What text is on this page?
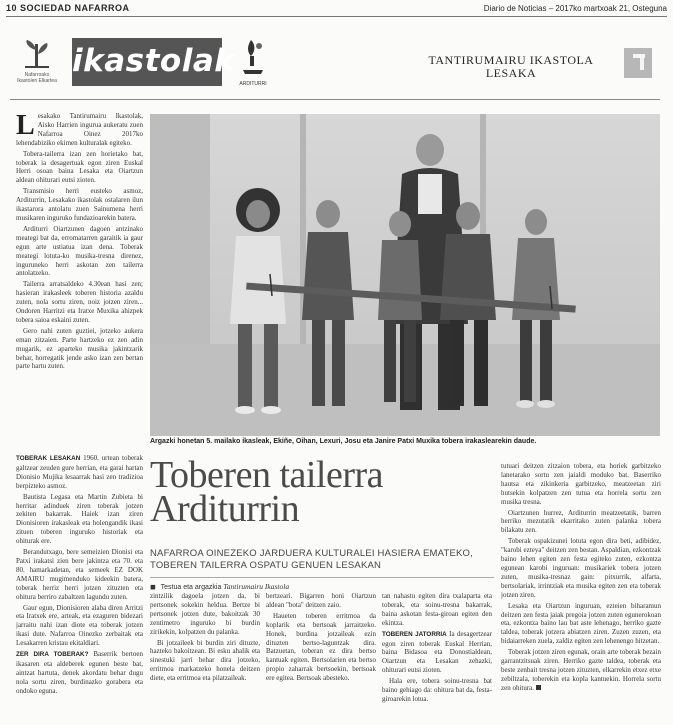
10 SOCIEDAD NAFARROA	Diario de Noticias – 2017ko martxoak 21, Osteguna
Nafarroako Ikastolen Elkartea
ikastolak
ARDITURRI
TANTIRUMAIRU IKASTOLA
LESAKA

Lesakako Tantirumairu Ikastolak, Aisko Harrien ingurua aukeratu zuen Nafarroa Oinez 2017ko lehendabiziko ekimen kulturalak egiteko.

Tobera-tailerra izan zen horietako bat, toberak ia desagertuak egon ziren Euskal Herri osoan baina Lesaka eta Oiartzun aldean ohiturari eutsi zioten.

Transmisio herri eusteko asmoz, Arditurrin, Lesakako ikastolak ostalaren ilun ikastarora antolatu zuen Sainumena herri musikaren inguruko fundazioarekin batera.

Arditurri Oiartzunen dagoen antzinako meategi bat da, erromatarren garaitik ia gaur egun arte ustiatua izan dena. Toberak meategi lotuta-ko musika-tresna direnez, inguruneko herri askotan zen tailerra antolatzeko.

Tailerra arratsaldeko 4.30ean hasi zen; hasieran irakasleek toberen historia azaldu zuten, nola sortu ziren, noiz jotzen ziren... Ondoren Harritzi eta Iratxe Muxika ahizpek tobera saioa eskaini zuten.

Gero nahi zuten guztiei, jotzeko aukera eman zitzaien. Parte hartzeko ez zen adin mugarik, ez aparteko musika jakintzarik behar, horregatik jende asko izan zen bertan parte hartu zuten.

Argazki honetan 5. mailako ikasleak, Ekiñe, Oihan, Lexuri, Josu eta Janire Patxi Muxika tobera irakaslearekin daude.

TOBERAK LESAKAN 1960. urtean toberak galtzear zeuden gure herrian, eta garai hartan Dionisio Mujika lesaarrak hasi zen tradizioa berpizteko asmoz.

Bautista Legasa eta Martin Zubieta bi herritar adinduek ziren toberak jotzen zekiten bakarrak. Haiek izan ziren Dionisioren irakasleak eta holengandik ikasi zituen toberen inguruko historiak eta ohiturak ere.

Berandutxago, bere semeizien Dionisi eta Patxi irakatsi zien bere jakintza eta 70. eta 80. hamarkadetan, eta semeek EZ DOK AMAIRU mugimenduko kideekin batera, toberak herriz herri jotzen zituzten eta ohitura berriro zabaltzen lagundu zuten.

Gaur egun, Dionisioren alaba diren Arritzi eta Iratxek ere, arteak, eta ezaguren bidezari jarraitu nahi izan diote eta toberak jotzen ikasi dute. Nafarroa Oinezko zerbaitak eta Lesakarren kristau ekitaldiari.

ZER DIRA TOBERAK? Baserrik bertoen ikasaren eta aldeberek egunen beste bat, aintzat hartuta, denek akordatu behar dugu nola sortu ziren, burdinazko gorabera eta ondoko eguna.

Toberen tailerra
Arditurrin
NAFARROA OINEZEKO JARDUERA KULTURALEI HASIERA EMATEKO, TOBEREN TAILERRA OSPATU GENUEN LESAKAN
◼ Testua eta argazkia Tantirumairu Ikastola

zintzilik dagoela jotzen da, bi pertsonek sokekin heldua. Bertze bi pertsonek jotzen dute, bakoitzak 30 zentimetro inguruko bi burdin zirikekin, kolpatzen du palanka.

Bi jotzaileek bi burdin ziri dituzte, hazteko bakoitzean. Bi esku ahalik eta sinestuki jarri behar dira jotzeko, erritmoa markatzeko honela deitzen diete, eta erritmoa eta pilatzaileak.

bertzeari. Bigarren honi Oiartzun aldean "bota" deitzen zaio.

Haueten toberen erritmoa da koplarik eta bertsoak jarraitzeko. Honek, burdina jotzaileak ezin dituzten bertso-laguntzak dira. Batzuetan, toberan ez dira bertso kantuak egiten. Bertsolarien eta bertso propio zaharrak bertsoekin, bertsoak ere egitea. Bertsoak abesteko.

tan nahastu egiten dira txalaparta eta toberak, eta soinu-tresna bakarrak, baina askotan festa-giroan egiten den ekintza.

TOBEREN JATORRIA Ia desagertzear egon ziren toberak Euskal Herrian, baina Bidasoa eta Donostialdean, Oiartzun eta Lesakan zehazki, ohiturari eutsi zioten.

Hala ere, tobera soinu-tresna bat baino gehiago da: ohitura bat da, festa-giroarekin lotua.

tutuari deitzen zitzaion tobera, eta horiek garbitzeko lanetarako sortu zen jaialdi moduko bat. Baserriko hautsa eta zikinkeria garbitzeko, meatzeetan ziri hutsekin kolpatzen zen tutua eta horrela sortu zen musika tresna.

Oiartzunen hurrez, Arditurrin meatzeetatik, barren herriko mezutatik ekarritako zuten palanka tobera bilakatu zen.

Toberak ospakizunei lotuta egon dira beti, adibidez, "karobi ezteya" deitzen zen bestan. Aspaldian, ezkontzak baino lehen egiten zen festa egiteko zuten, ezkontza egunean karobi inguruan: musikariek tobera jotzen zuten, musika-tresnaz gain: pitxurrik, alfarta, bertsolariak, irrintziak eta musika egiten zen eta toberak jotzen ziren.

Lesaka eta Oiartzun inguruan, ezteien biharamun deitzen zen festa jaiak pregoia jotzen zuten egunerokoan eta, ezkontza baino lau bat aste lehenago, herriko gazte taldea, toberak jotzera abiatzen ziren. Zuzen zuzen, eta bidaiarreken zuela, zaldiz egiten zen lehenengo hitzetan.

Toberak jotzen ziren egunak, orain arte toberak bezain garrantzitsuak ziren. Herriko gazte taldea, toberak eta beste zenbait tresna jotzen zituzten, elkarrekin etxez etxe zebiltzala, toberekin eta kopla kantuekin. Horrela sortu zen ohitura.
